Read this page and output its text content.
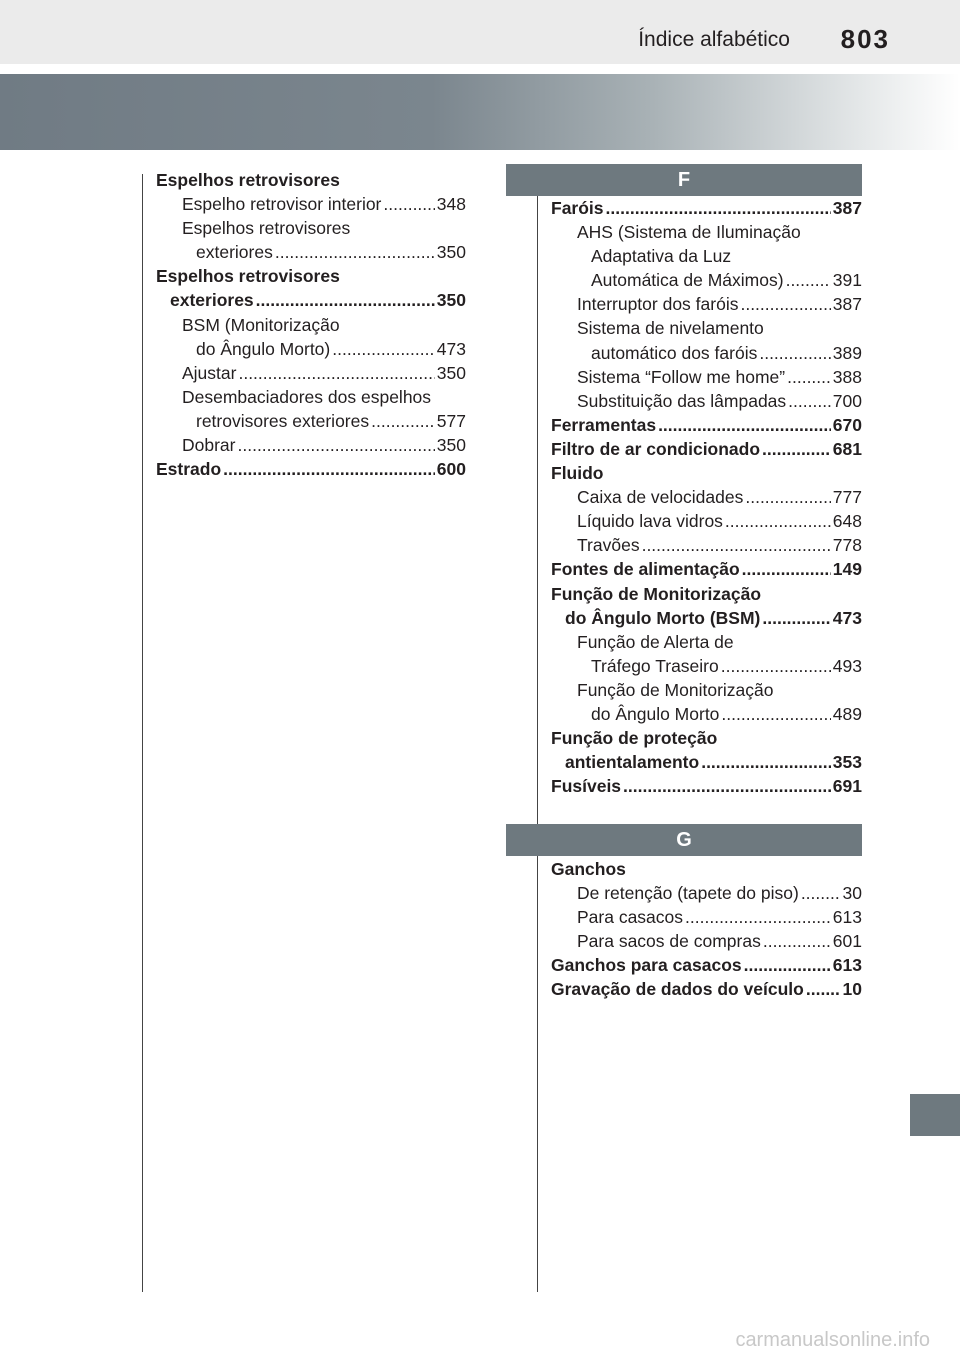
Índice alfabético 803
Espelhos retrovisores
Espelho retrovisor interior .....	348
Espelhos retrovisores
exteriores .....	350
Espelhos retrovisores
exteriores .....	350
BSM (Monitorização
do Ângulo Morto) .....	473
Ajustar .....	350
Desembaciadores dos espelhos
retrovisores exteriores .....	577
Dobrar .....	350
Estrado .....	600
F
Faróis .....	387
AHS (Sistema de Iluminação
Adaptativa da Luz
Automática de Máximos) .....	391
Interruptor dos faróis .....	387
Sistema de nivelamento
automático dos faróis .....	389
Sistema “Follow me home” .....	388
Substituição das lâmpadas .....	700
Ferramentas .....	670
Filtro de ar condicionado .....	681
Fluido
Caixa de velocidades .....	777
Líquido lava vidros .....	648
Travões .....	778
Fontes de alimentação .....	149
Função de Monitorização
do Ângulo Morto (BSM) .....	473
Função de Alerta de
Tráfego Traseiro .....	493
Função de Monitorização
do Ângulo Morto .....	489
Função de proteção
antientalamento .....	353
Fusíveis .....	691
G
Ganchos
De retenção (tapete do piso) ..... 30
Para casacos .....	613
Para sacos de compras .....	601
Ganchos para casacos .....	613
Gravação de dados do veículo ..... 10
carmanualsonline.info
